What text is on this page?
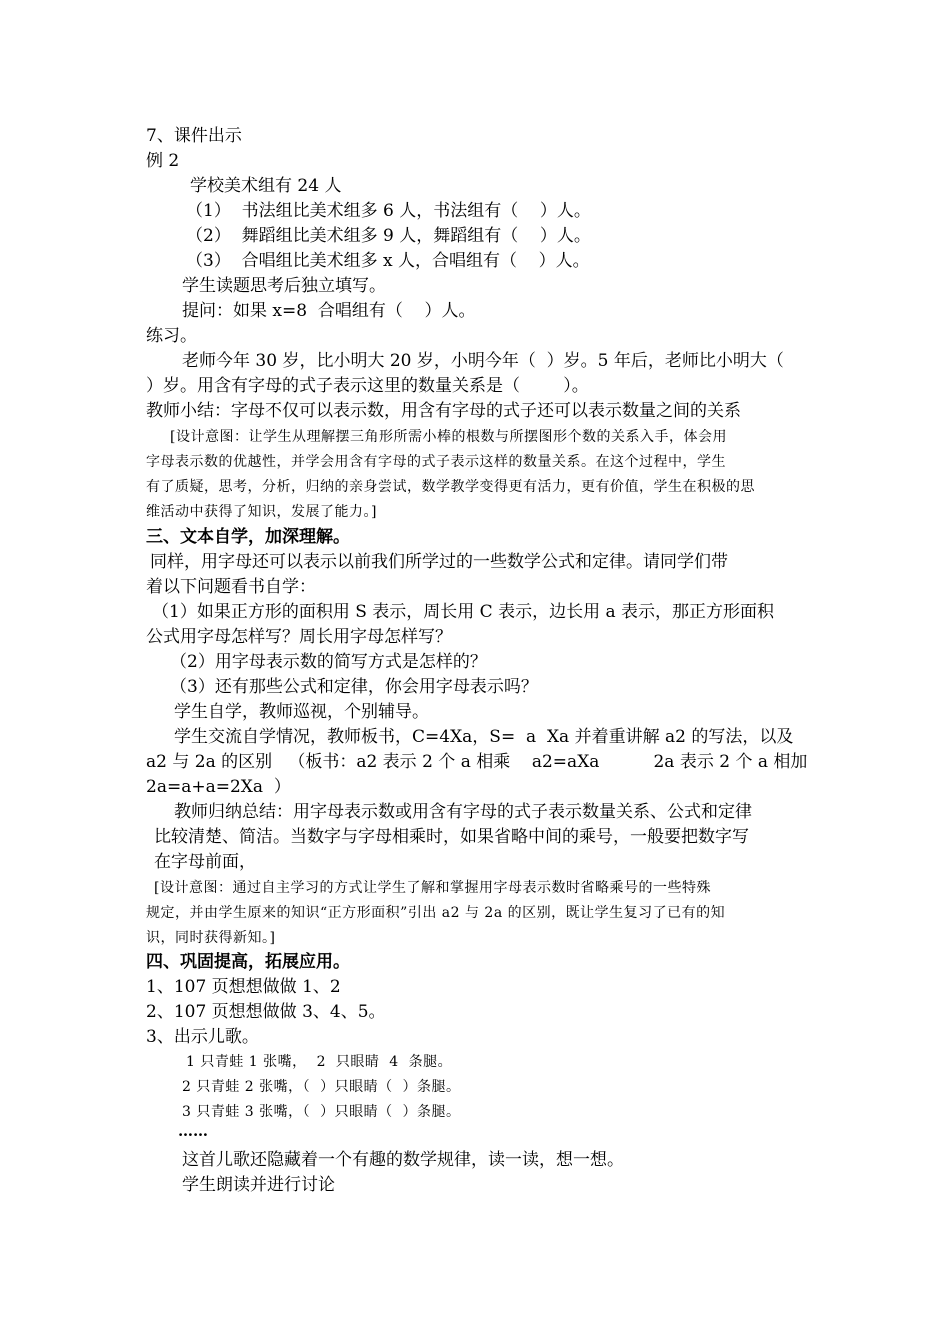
7、课件出示
例 2
学校美术组有 24 人
（1）  书法组比美术组多 6 人，书法组有（    ）人。
（2）  舞蹈组比美术组多 9 人，舞蹈组有（    ）人。
（3）  合唱组比美术组多 x 人，合唱组有（    ）人。
学生读题思考后独立填写。
提问：如果 x=8  合唱组有（    ）人。
练习。
老师今年 30 岁，比小明大 20 岁，小明今年（  ）岁。5 年后，老师比小明大（
）岁。用含有字母的式子表示这里的数量关系是（        ）。
教师小结：字母不仅可以表示数，用含有字母的式子还可以表示数量之间的关系
[设计意图：让学生从理解摆三角形所需小棒的根数与所摆图形个数的关系入手，体会用
字母表示数的优越性，并学会用含有字母的式子表示这样的数量关系。在这个过程中，学生
有了质疑，思考，分析，归纳的亲身尝试，数学教学变得更有活力，更有价值，学生在积极的思
维活动中获得了知识，发展了能力。]
三、文本自学，加深理解。
同样，用字母还可以表示以前我们所学过的一些数学公式和定律。请同学们带
着以下问题看书自学：
（1）如果正方形的面积用 S 表示，周长用 C 表示，边长用 a 表示，那正方形面积
公式用字母怎样写？周长用字母怎样写？
（2）用字母表示数的简写方式是怎样的？
（3）还有那些公式和定律，你会用字母表示吗？
学生自学，教师巡视，个别辅导。
学生交流自学情况，教师板书，C=4Xa，S=  a  Xa 并着重讲解 a2 的写法，以及
a2 与 2a 的区别   （板书：a2 表示 2 个 a 相乘    a2=aXa          2a 表示 2 个 a 相加
2a=a+a=2Xa  ）
教师归纳总结：用字母表示数或用含有字母的式子表示数量关系、公式和定律
比较清楚、简洁。当数字与字母相乘时，如果省略中间的乘号，一般要把数字写
在字母前面，
[设计意图：通过自主学习的方式让学生了解和掌握用字母表示数时省略乘号的一些特殊
规定，并由学生原来的知识“正方形面积”引出 a2 与 2a 的区别，既让学生复习了已有的知
识，同时获得新知。]
四、巩固提高，拓展应用。
1、107 页想想做做 1、2
2、107 页想想做做 3、4、5。
3、出示儿歌。
1 只青蛙 1 张嘴，  2  只眼睛  4  条腿。
2 只青蛙 2 张嘴，（  ）只眼睛（  ）条腿。
3 只青蛙 3 张嘴，（  ）只眼睛（  ）条腿。
……
这首儿歌还隐藏着一个有趣的数学规律，读一读，想一想。
学生朗读并进行讨论
